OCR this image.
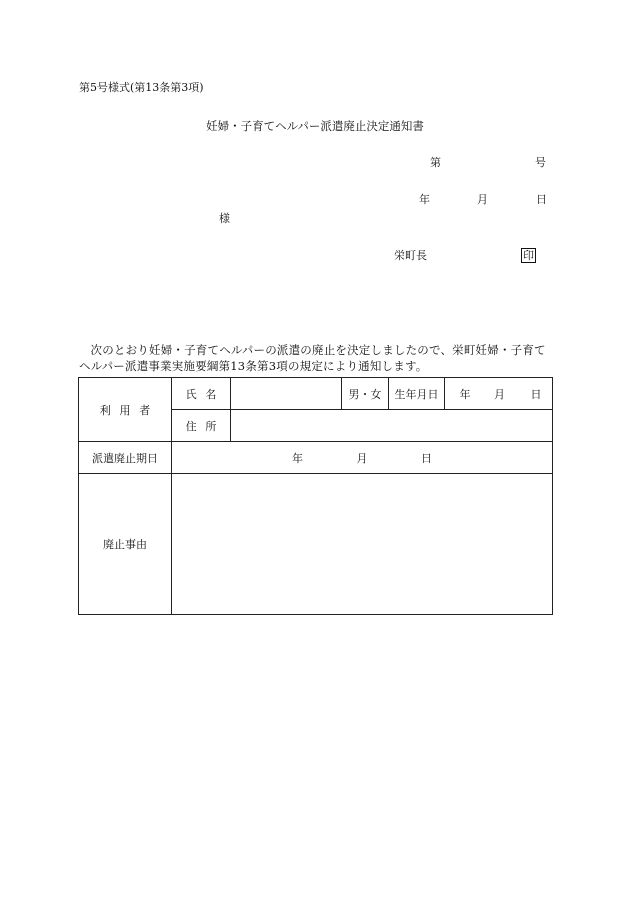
第5号様式(第13条第3項)
妊婦・子育てヘルパー派遣廃止決定通知書
第	号
年	月	日
様
栄町長	印
次のとおり妊婦・子育てヘルパーの派遣の廃止を決定しましたので、栄町妊婦・子育てヘルパー派遣事業実施要綱第13条第3項の規定により通知します。
利用者	氏名		男・女	生年月日	年 月 日
	住所				
派遣廃止期日	年 月 日				
廃止事由					
